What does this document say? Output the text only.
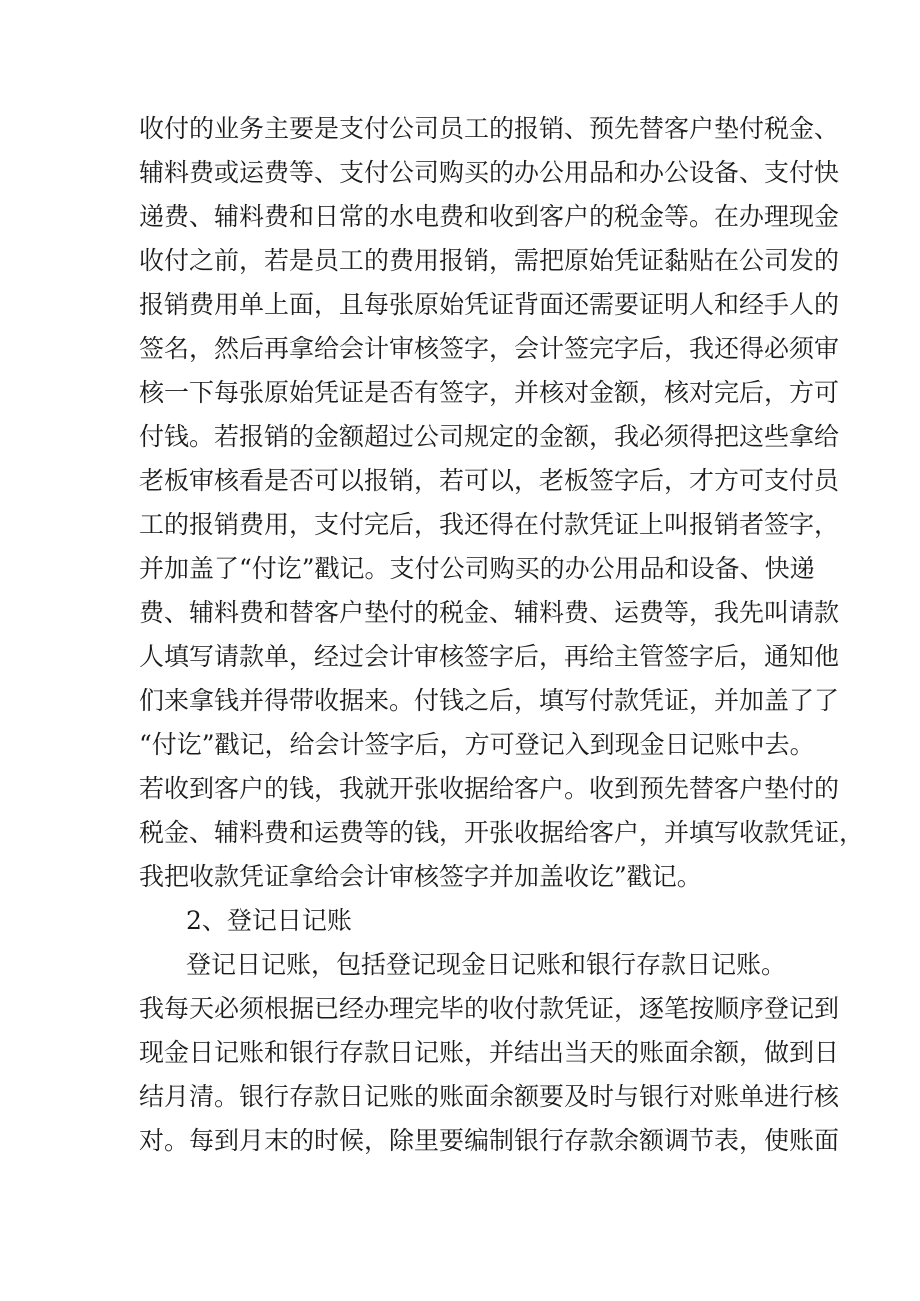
收付的业务主要是支付公司员工的报销、预先替客户垫付税金、

辅料费或运费等、支付公司购买的办公用品和办公设备、支付快

递费、辅料费和日常的水电费和收到客户的税金等。在办理现金

收付之前，若是员工的费用报销，需把原始凭证黏贴在公司发的

报销费用单上面，且每张原始凭证背面还需要证明人和经手人的

签名，然后再拿给会计审核签字，会计签完字后，我还得必须审

核一下每张原始凭证是否有签字，并核对金额，核对完后，方可

付钱。若报销的金额超过公司规定的金额，我必须得把这些拿给

老板审核看是否可以报销，若可以，老板签字后，才方可支付员

工的报销费用，支付完后，我还得在付款凭证上叫报销者签字，

并加盖了“付讫”戳记。支付公司购买的办公用品和设备、快递

费、辅料费和替客户垫付的税金、辅料费、运费等，我先叫请款

人填写请款单，经过会计审核签字后，再给主管签字后，通知他

们来拿钱并得带收据来。付钱之后，填写付款凭证，并加盖了了

“付讫”戳记，给会计签字后，方可登记入到现金日记账中去。

若收到客户的钱，我就开张收据给客户。收到预先替客户垫付的

税金、辅料费和运费等的钱，开张收据给客户，并填写收款凭证，

我把收款凭证拿给会计审核签字并加盖收讫”戳记。

2、登记日记账

登记日记账，包括登记现金日记账和银行存款日记账。

我每天必须根据已经办理完毕的收付款凭证，逐笔按顺序登记到

现金日记账和银行存款日记账，并结出当天的账面余额，做到日

结月清。银行存款日记账的账面余额要及时与银行对账单进行核

对。每到月末的时候，除里要编制银行存款余额调节表，使账面
